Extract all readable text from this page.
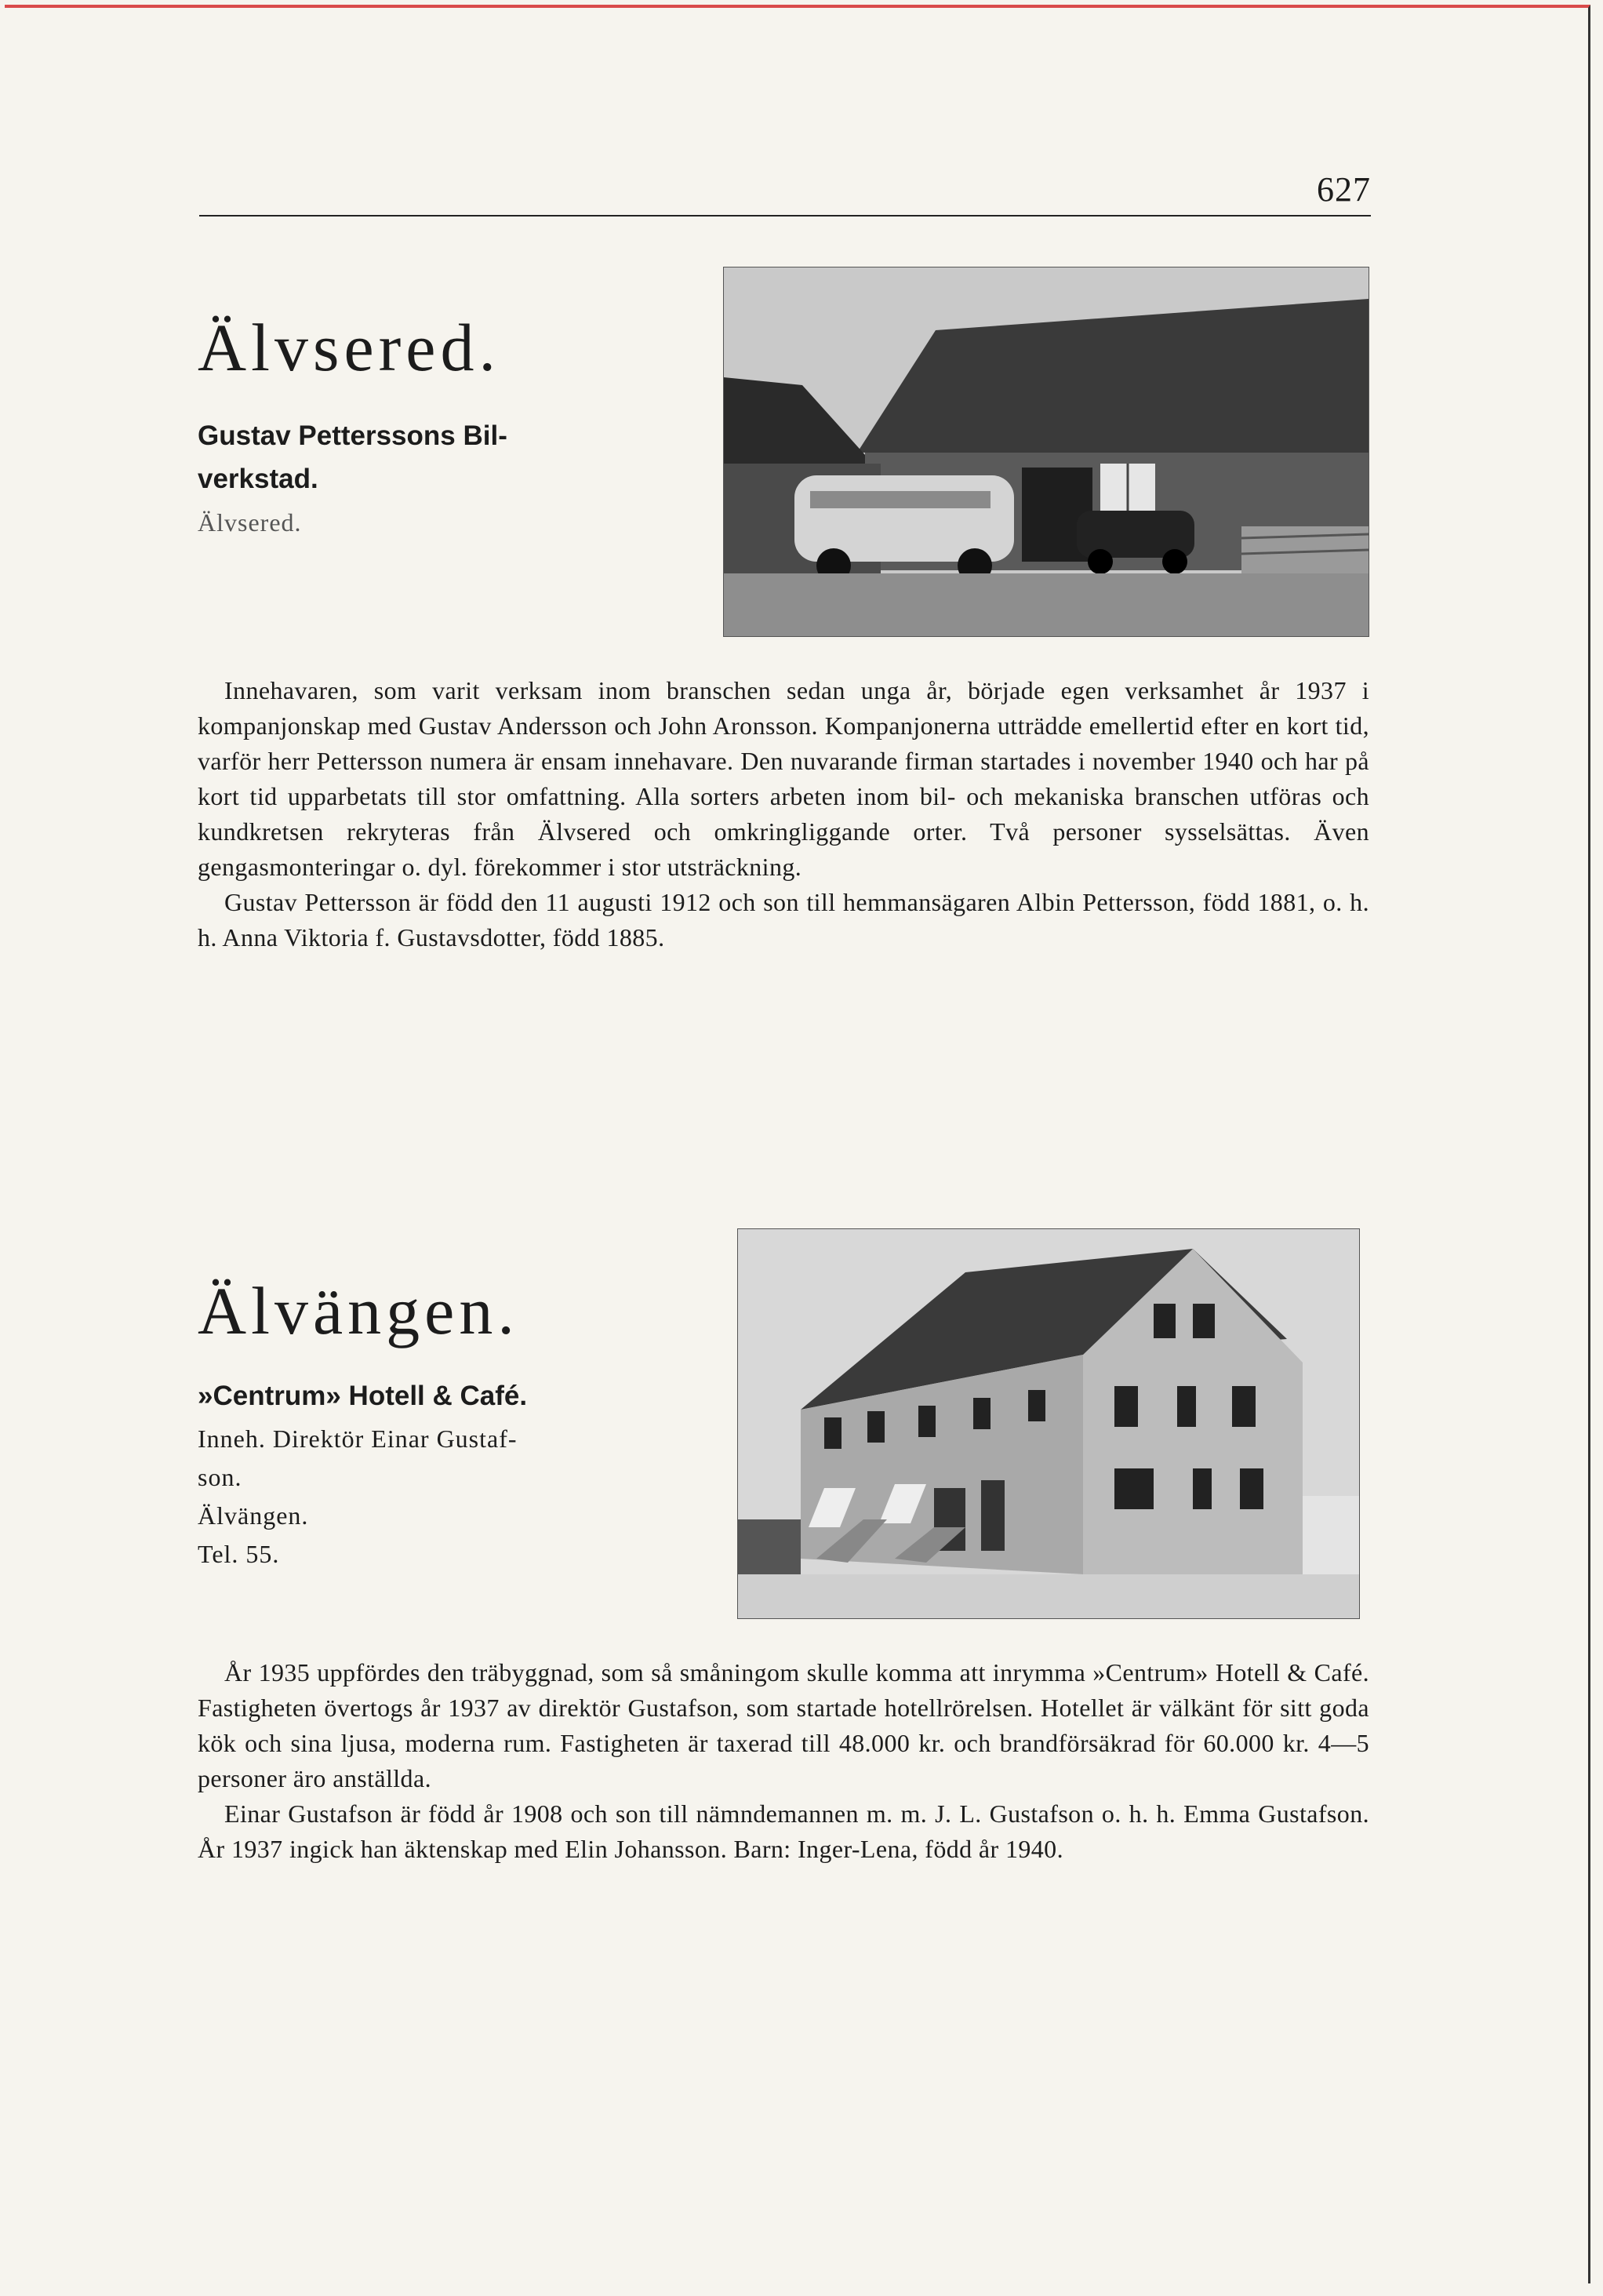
627
Älvsered.
Gustav Petterssons Bil-
verkstad.
Älvsered.

Innehavaren, som varit verksam inom branschen sedan unga år, började egen verksamhet år 1937 i kompanjonskap med Gustav Andersson och John Aronsson. Kompanjonerna utträdde emellertid efter en kort tid, varför herr Pettersson numera är ensam innehavare. Den nuvarande firman startades i november 1940 och har på kort tid upparbetats till stor omfattning. Alla sorters arbeten inom bil- och mekaniska branschen utföras och kundkretsen rekryteras från Älvsered och omkringliggande orter. Två personer sysselsättas. Även gengasmonteringar o. dyl. förekommer i stor utsträckning.

Gustav Pettersson är född den 11 augusti 1912 och son till hemmansägaren Albin Pettersson, född 1881, o. h. h. Anna Viktoria f. Gustavsdotter, född 1885.

Älvängen.
»Centrum» Hotell & Café.
Inneh. Direktör Einar Gustaf-
son.
Älvängen.
Tel. 55.

År 1935 uppfördes den träbyggnad, som så småningom skulle komma att inrymma »Centrum» Hotell & Café. Fastigheten övertogs år 1937 av direktör Gustafson, som startade hotellrörelsen. Hotellet är välkänt för sitt goda kök och sina ljusa, moderna rum. Fastigheten är taxerad till 48.000 kr. och brandförsäkrad för 60.000 kr. 4—5 personer äro anställda.

Einar Gustafson är född år 1908 och son till nämndemannen m. m. J. L. Gustafson o. h. h. Emma Gustafson. År 1937 ingick han äktenskap med Elin Johansson. Barn: Inger-Lena, född år 1940.
